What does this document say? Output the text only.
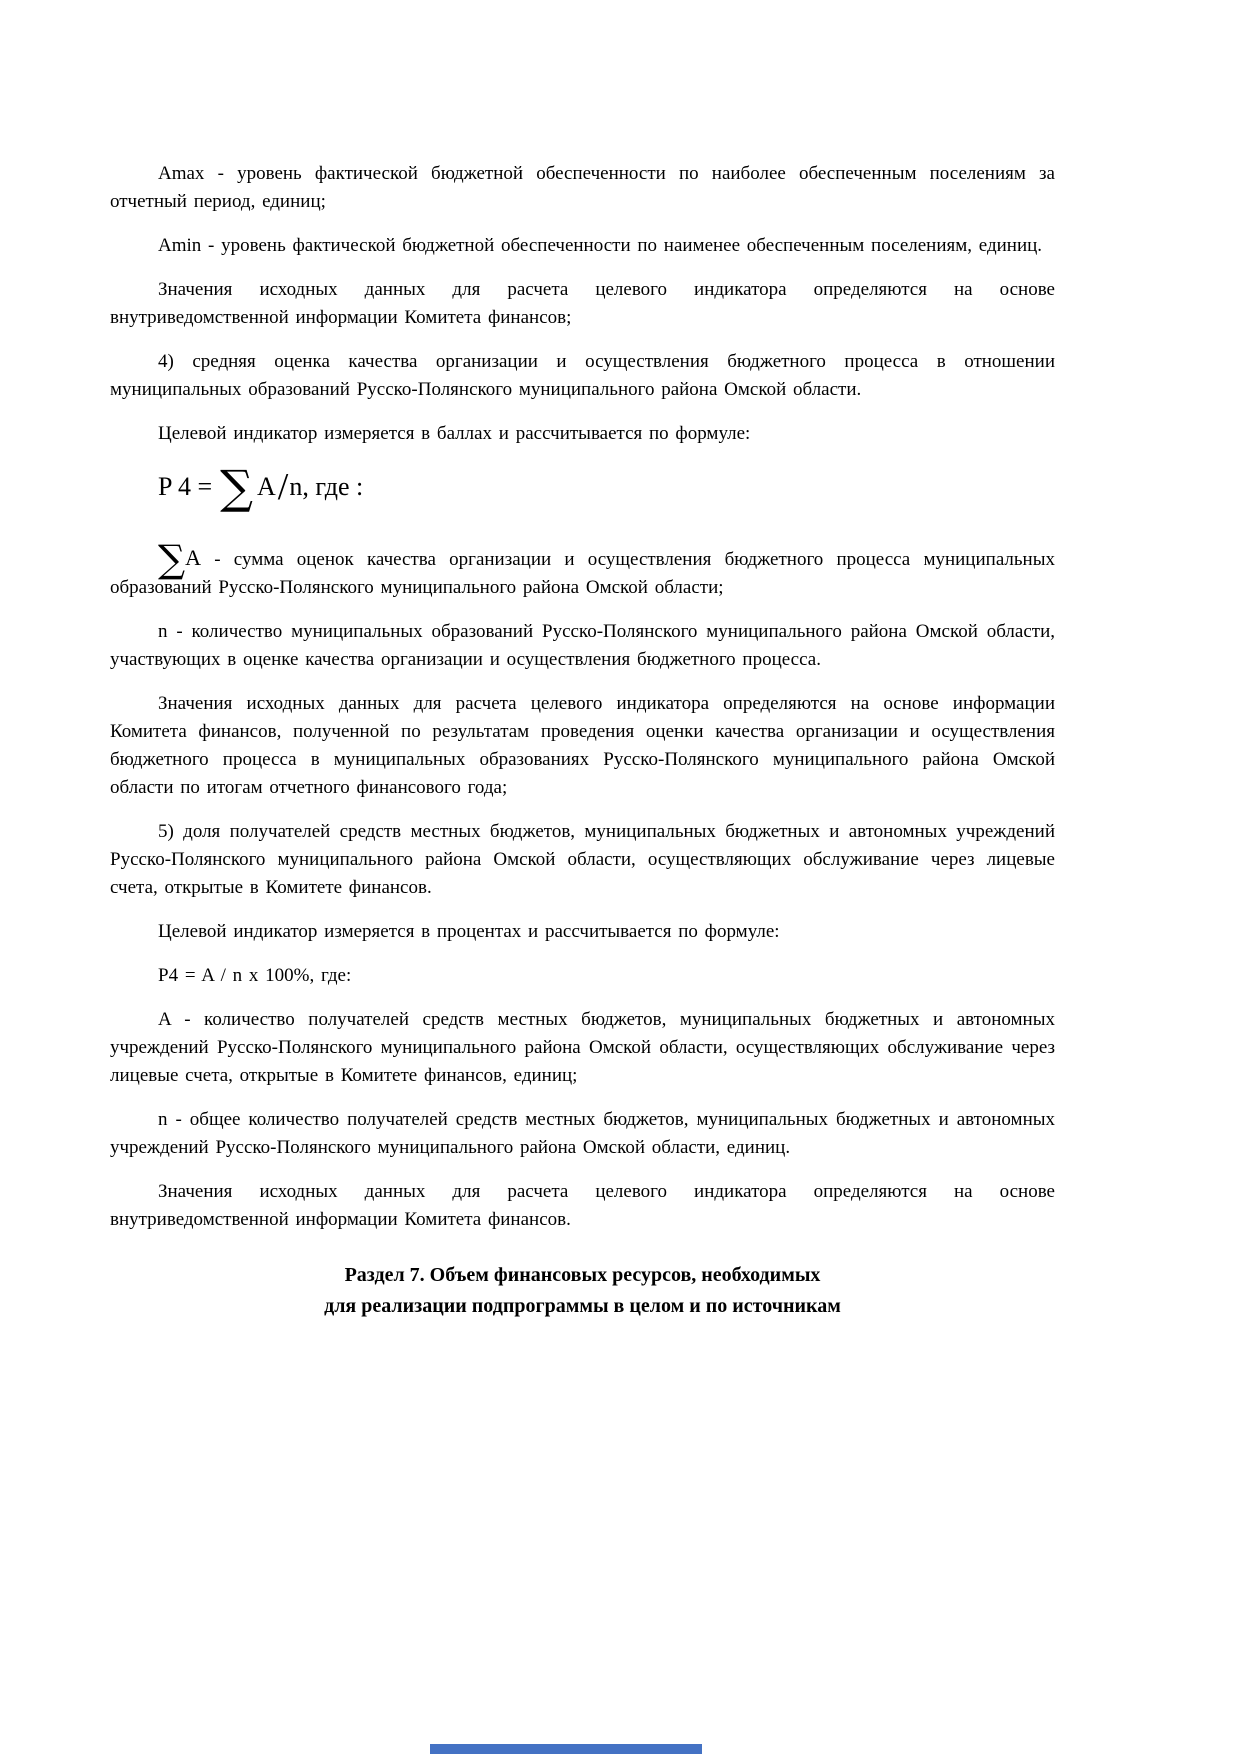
Amax - уровень фактической бюджетной обеспеченности по наиболее обеспеченным поселениям за отчетный период, единиц;

Amin - уровень фактической бюджетной обеспеченности по наименее обеспеченным поселениям, единиц.

Значения исходных данных для расчета целевого индикатора определяются на основе внутриведомственной информации Комитета финансов;

4) средняя оценка качества организации и осуществления бюджетного процесса в отношении муниципальных образований Русско-Полянского муниципального района Омской области.

Целевой индикатор измеряется в баллах и рассчитывается по формуле:

P 4 = ∑ A / n, где :

∑A - сумма оценок качества организации и осуществления бюджетного процесса муниципальных образований Русско-Полянского муниципального района Омской области;

n - количество муниципальных образований Русско-Полянского муниципального района Омской области, участвующих в оценке качества организации и осуществления бюджетного процесса.

Значения исходных данных для расчета целевого индикатора определяются на основе информации Комитета финансов, полученной по результатам проведения оценки качества организации и осуществления бюджетного процесса в муниципальных образованиях Русско-Полянского муниципального района Омской области по итогам отчетного финансового года;

5) доля получателей средств местных бюджетов, муниципальных бюджетных и автономных учреждений Русско-Полянского муниципального района Омской области, осуществляющих обслуживание через лицевые счета, открытые в Комитете финансов.

Целевой индикатор измеряется в процентах и рассчитывается по формуле:

P4 = A / n x 100%, где:

A - количество получателей средств местных бюджетов, муниципальных бюджетных и автономных учреждений Русско-Полянского муниципального района Омской области, осуществляющих обслуживание через лицевые счета, открытые в Комитете финансов, единиц;

n - общее количество получателей средств местных бюджетов, муниципальных бюджетных и автономных учреждений Русско-Полянского муниципального района Омской области, единиц.

Значения исходных данных для расчета целевого индикатора определяются на основе внутриведомственной информации Комитета финансов.

Раздел 7. Объем финансовых ресурсов, необходимых
для реализации подпрограммы в целом и по источникам
